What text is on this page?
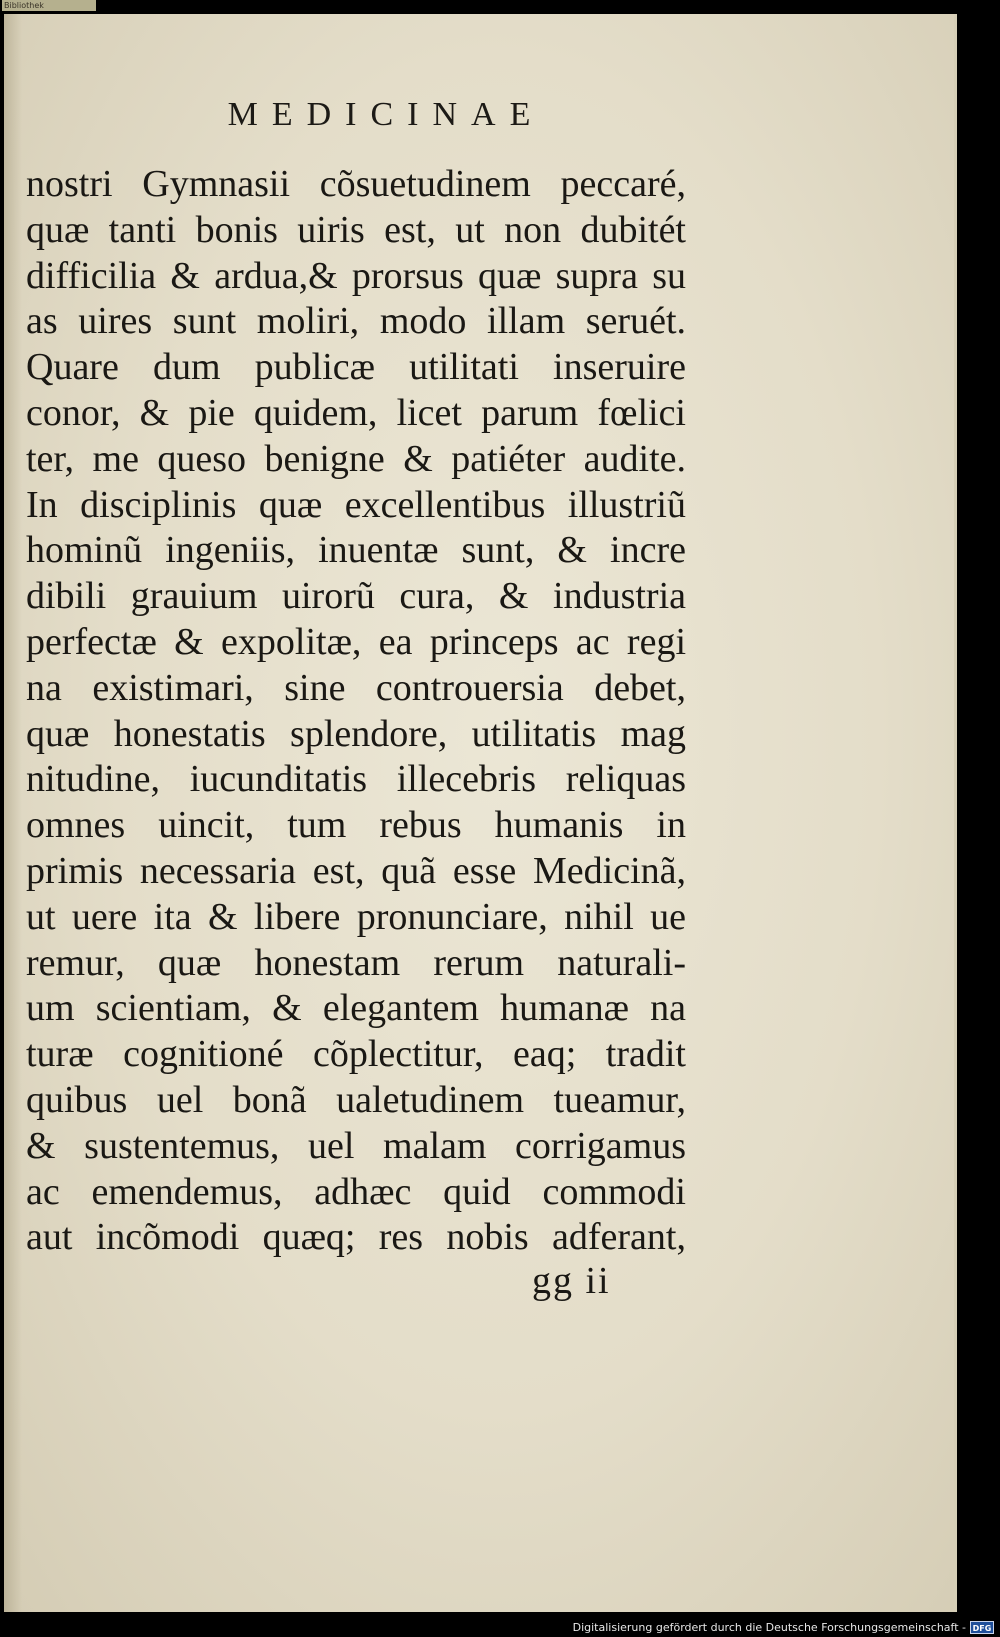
Bibliothek
MEDICINAE
nostri Gymnasii cõsuetudinem peccaré,
quæ tanti bonis uiris est, ut non dubitét
difficilia & ardua,& prorsus quæ supra su
as uires sunt moliri, modo illam seruét.
Quare dum publicæ utilitati inseruire
conor, & pie quidem, licet parum fœlici
ter, me queso benigne & patiéter audite.
In disciplinis quæ excellentibus illustriũ
hominũ ingeniis, inuentæ sunt, & incre
dibili grauium uirorũ cura, & industria
perfectæ & expolitæ, ea princeps ac regi
na existimari, sine controuersia debet,
quæ honestatis splendore, utilitatis mag
nitudine, iucunditatis illecebris reliquas
omnes uincit, tum rebus humanis in
primis necessaria est, quã esse Medicinã,
ut uere ita & libere pronunciare, nihil ue
remur, quæ honestam rerum naturali-
um scientiam, & elegantem humanæ na
turæ cognitioné cõplectitur, eaq; tradit
quibus uel bonã ualetudinem tueamur,
& sustentemus, uel malam corrigamus
ac emendemus, adhæc quid commodi
aut incõmodi quæq; res nobis adferant,
gg ii
Digitalisierung gefördert durch die Deutsche Forschungsgemeinschaft - DFG
